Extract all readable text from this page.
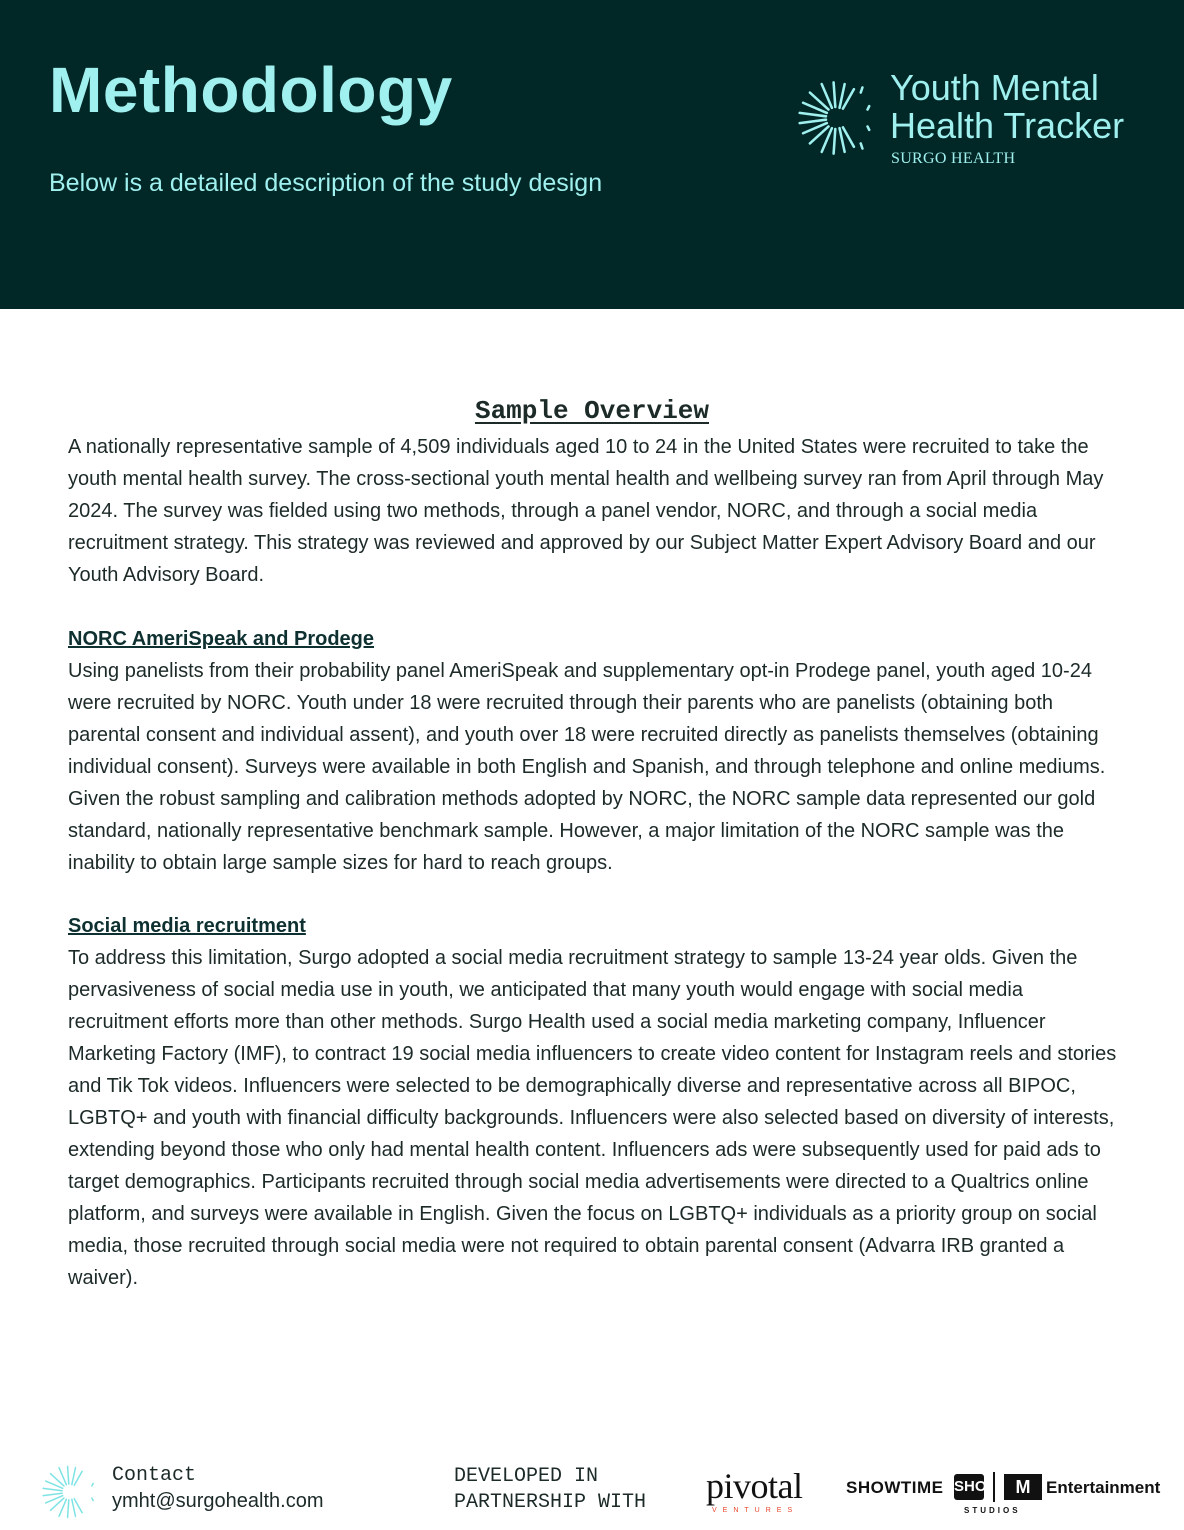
Methodology
Below is a detailed description of the study design
Youth Mental
Health Tracker
SURGO HEALTH
Sample Overview

A nationally representative sample of 4,509 individuals aged 10 to 24 in the United States were recruited to take the youth mental health survey. The cross-sectional youth mental health and wellbeing survey ran from April through May 2024. The survey was fielded using two methods, through a panel vendor, NORC, and through a social media recruitment strategy. This strategy was reviewed and approved by our Subject Matter Expert Advisory Board and our Youth Advisory Board.

NORC AmeriSpeak and Prodege

Using panelists from their probability panel AmeriSpeak and supplementary opt-in Prodege panel, youth aged 10-24 were recruited by NORC. Youth under 18 were recruited through their parents who are panelists (obtaining both parental consent and individual assent), and youth over 18 were recruited directly as panelists themselves (obtaining individual consent). Surveys were available in both English and Spanish, and through telephone and online mediums. Given the robust sampling and calibration methods adopted by NORC, the NORC sample data represented our gold standard, nationally representative benchmark sample. However, a major limitation of the NORC sample was the inability to obtain large sample sizes for hard to reach groups.

Social media recruitment

To address this limitation, Surgo adopted a social media recruitment strategy to sample 13-24 year olds. Given the pervasiveness of social media use in youth, we anticipated that many youth would engage with social media recruitment efforts more than other methods. Surgo Health used a social media marketing company, Influencer Marketing Factory (IMF), to contract 19 social media influencers to create video content for Instagram reels and stories and Tik Tok videos. Influencers were selected to be demographically diverse and representative across all BIPOC, LGBTQ+ and youth with financial difficulty backgrounds. Influencers were also selected based on diversity of interests, extending beyond those who only had mental health content. Influencers ads were subsequently used for paid ads to target demographics. Participants recruited through social media advertisements were directed to a Qualtrics online platform, and surveys were available in English. Given the focus on LGBTQ+ individuals as a priority group on social media, those recruited through social media were not required to obtain parental consent (Advarra IRB granted a waiver).

Contact
ymht@surgohealth.com
DEVELOPED IN
PARTNERSHIP WITH pivotal
VENTURES
SHOWTIME SHO
STUDIOS
M Entertainment
